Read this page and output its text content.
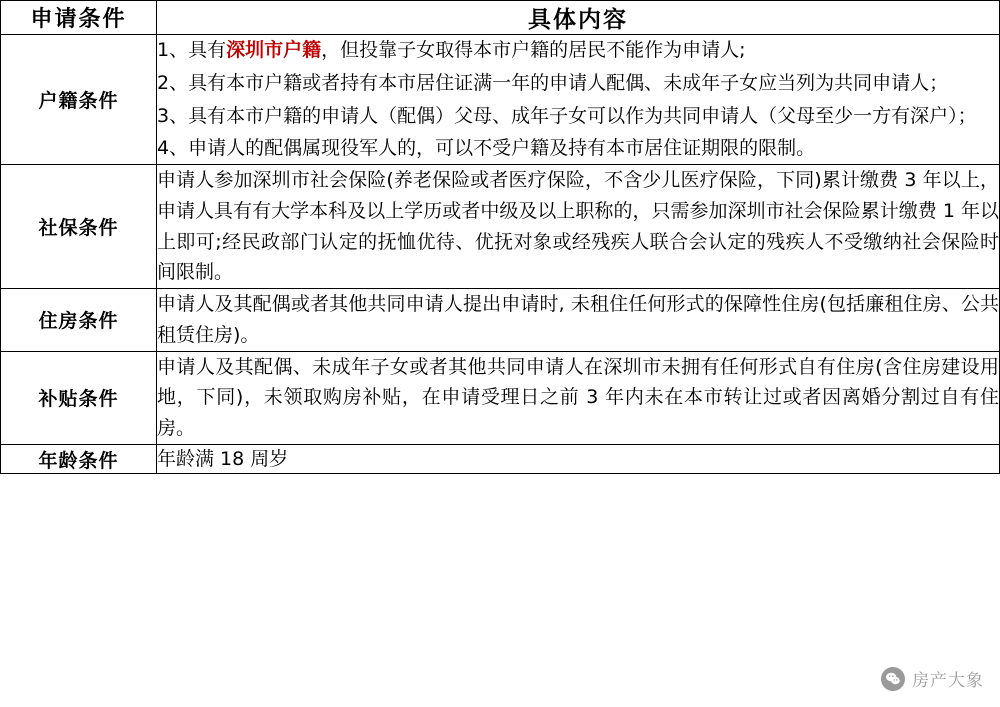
申请条件	具体内容
户籍条件	1、具有深圳市户籍，但投靠子女取得本市户籍的居民不能作为申请人;

2、具有本市户籍或者持有本市居住证满一年的申请人配偶、未成年子女应当列为共同申请人；

3、具有本市户籍的申请人（配偶）父母、成年子女可以作为共同申请人（父母至少一方有深户）；

4、申请人的配偶属现役军人的，可以不受户籍及持有本市居住证期限的限制。

社保条件	申请人参加深圳市社会保险(养老保险或者医疗保险，不含少儿医疗保险，下同)累计缴费 3 年以上，申请人具有有大学本科及以上学历或者中级及以上职称的，只需参加深圳市社会保险累计缴费 1 年以上即可;经民政部门认定的抚恤优待、优抚对象或经残疾人联合会认定的残疾人不受缴纳社会保险时间限制。

住房条件	申请人及其配偶或者其他共同申请人提出申请时, 未租住任何形式的保障性住房(包括廉租住房、公共租赁住房)。

补贴条件	申请人及其配偶、未成年子女或者其他共同申请人在深圳市未拥有任何形式自有住房(含住房建设用地，下同)，未领取购房补贴，在申请受理日之前 3 年内未在本市转让过或者因离婚分割过自有住房。

年龄条件	年龄满 18 周岁

房产大象
